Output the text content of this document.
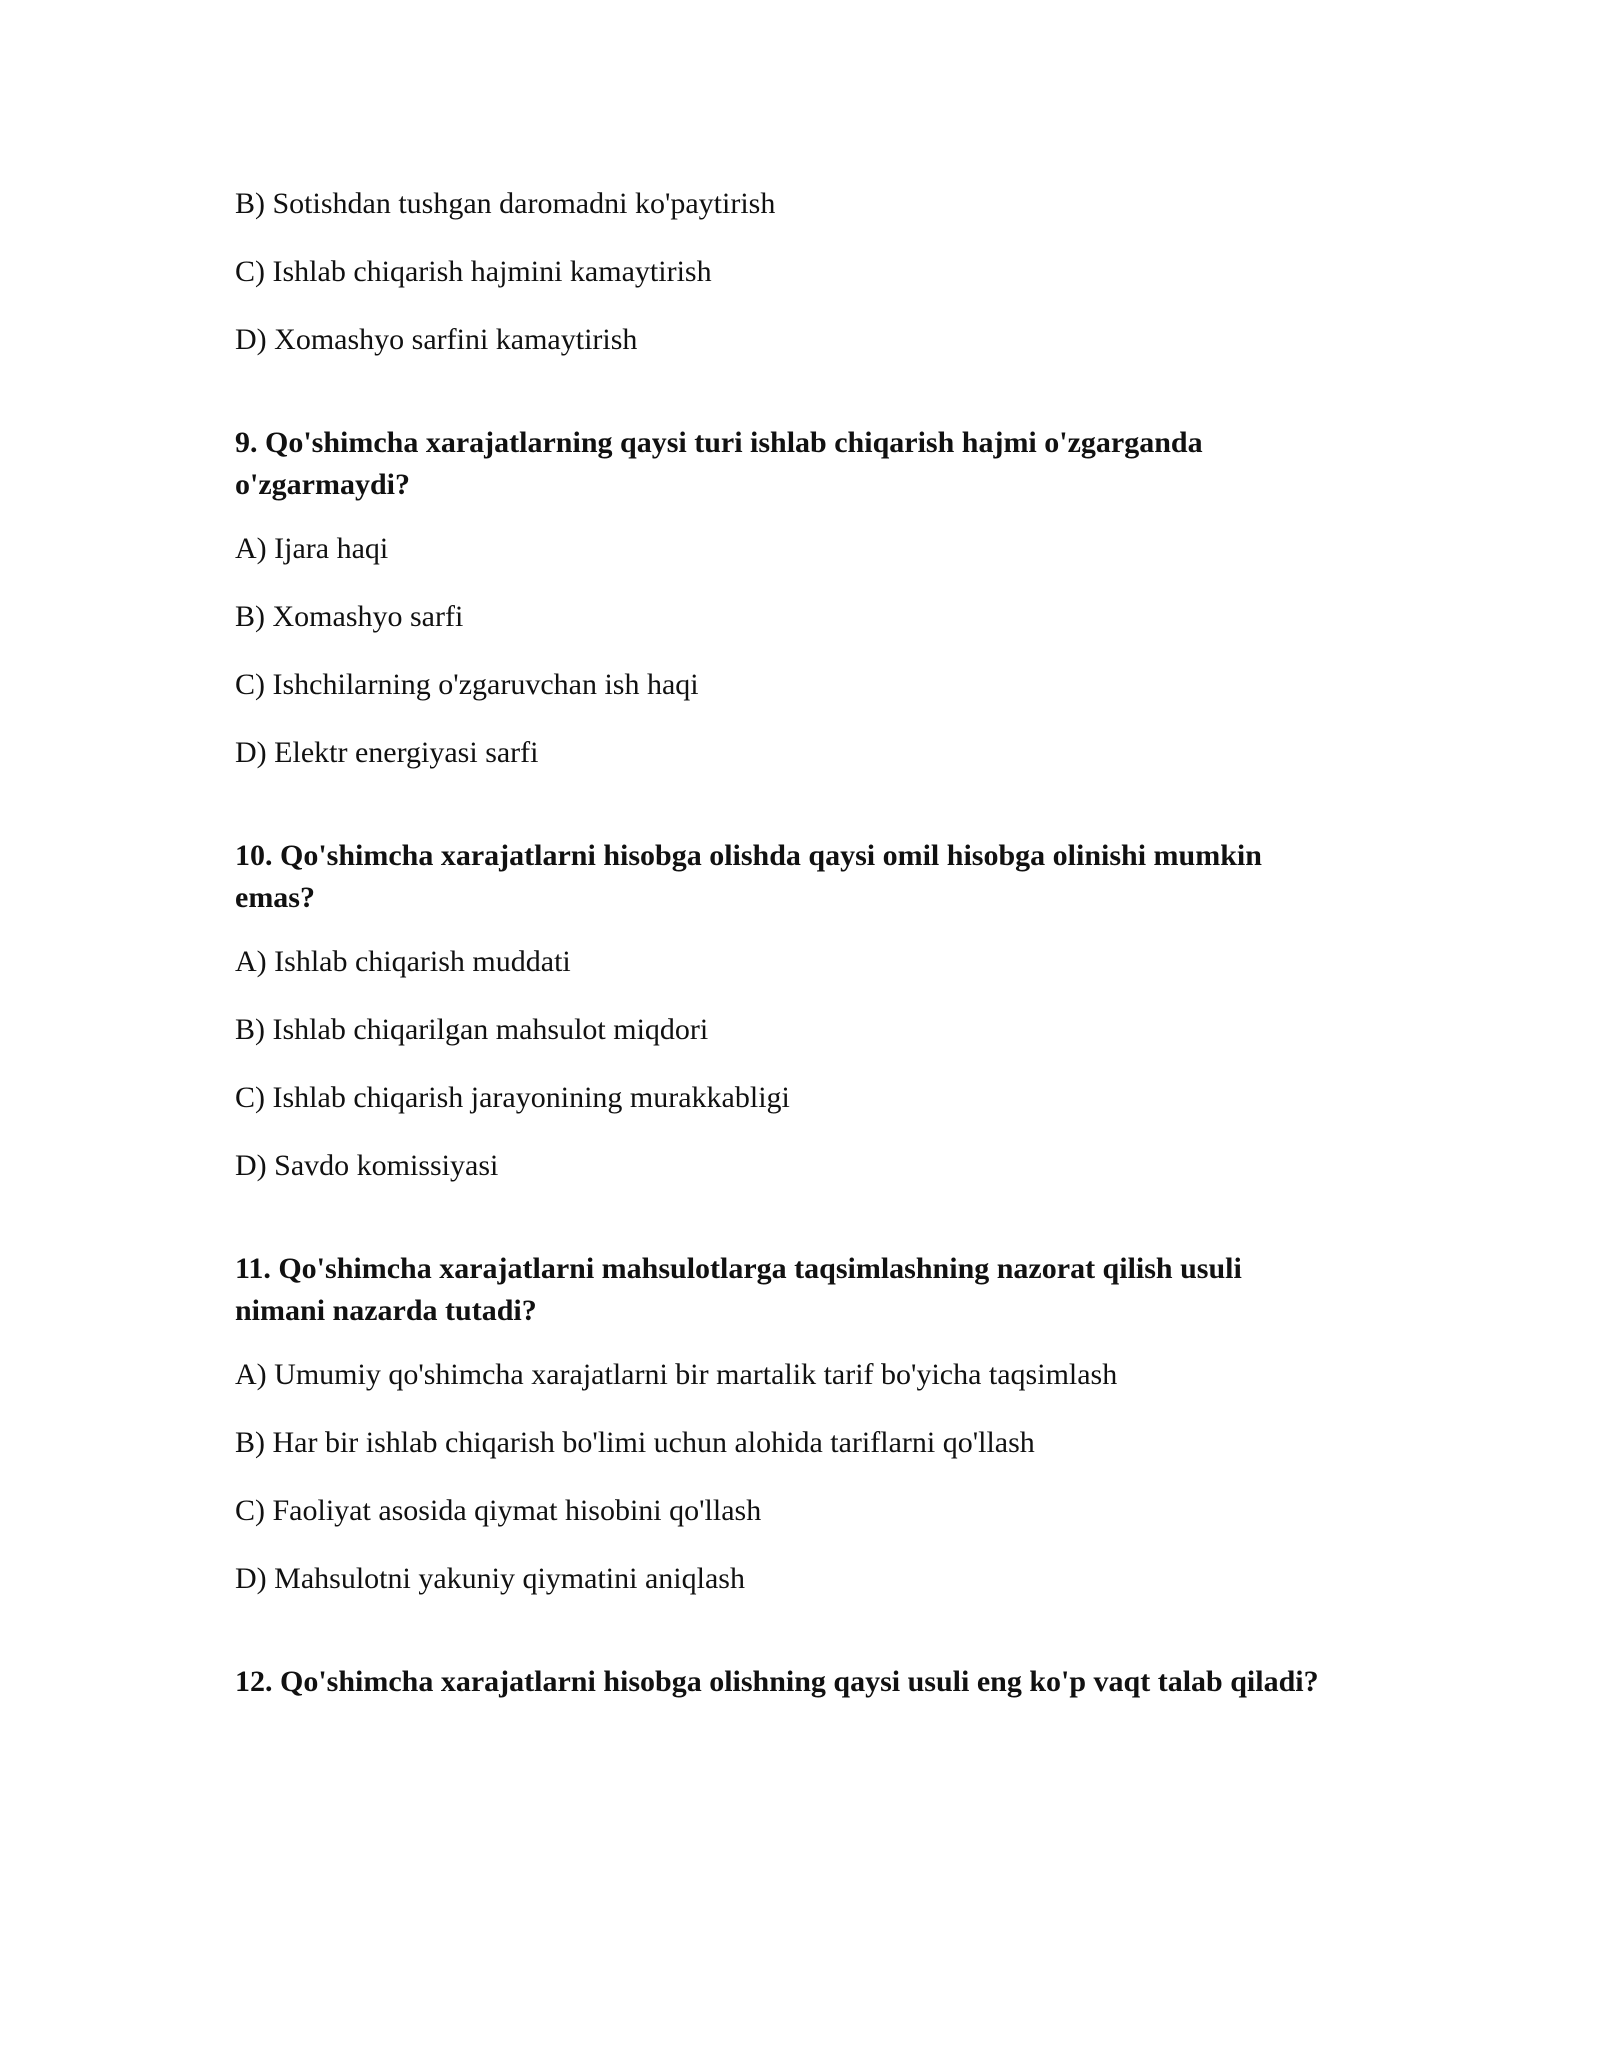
B) Sotishdan tushgan daromadni ko'paytirish
C) Ishlab chiqarish hajmini kamaytirish
D) Xomashyo sarfini kamaytirish
9. Qo'shimcha xarajatlarning qaysi turi ishlab chiqarish hajmi o'zgarganda o'zgarmaydi?
A) Ijara haqi
B) Xomashyo sarfi
C) Ishchilarning o'zgaruvchan ish haqi
D) Elektr energiyasi sarfi
10. Qo'shimcha xarajatlarni hisobga olishda qaysi omil hisobga olinishi mumkin emas?
A) Ishlab chiqarish muddati
B) Ishlab chiqarilgan mahsulot miqdori
C) Ishlab chiqarish jarayonining murakkabligi
D) Savdo komissiyasi
11. Qo'shimcha xarajatlarni mahsulotlarga taqsimlashning nazorat qilish usuli nimani nazarda tutadi?
A) Umumiy qo'shimcha xarajatlarni bir martalik tarif bo'yicha taqsimlash
B) Har bir ishlab chiqarish bo'limi uchun alohida tariflarni qo'llash
C) Faoliyat asosida qiymat hisobini qo'llash
D) Mahsulotni yakuniy qiymatini aniqlash
12. Qo'shimcha xarajatlarni hisobga olishning qaysi usuli eng ko'p vaqt talab qiladi?
